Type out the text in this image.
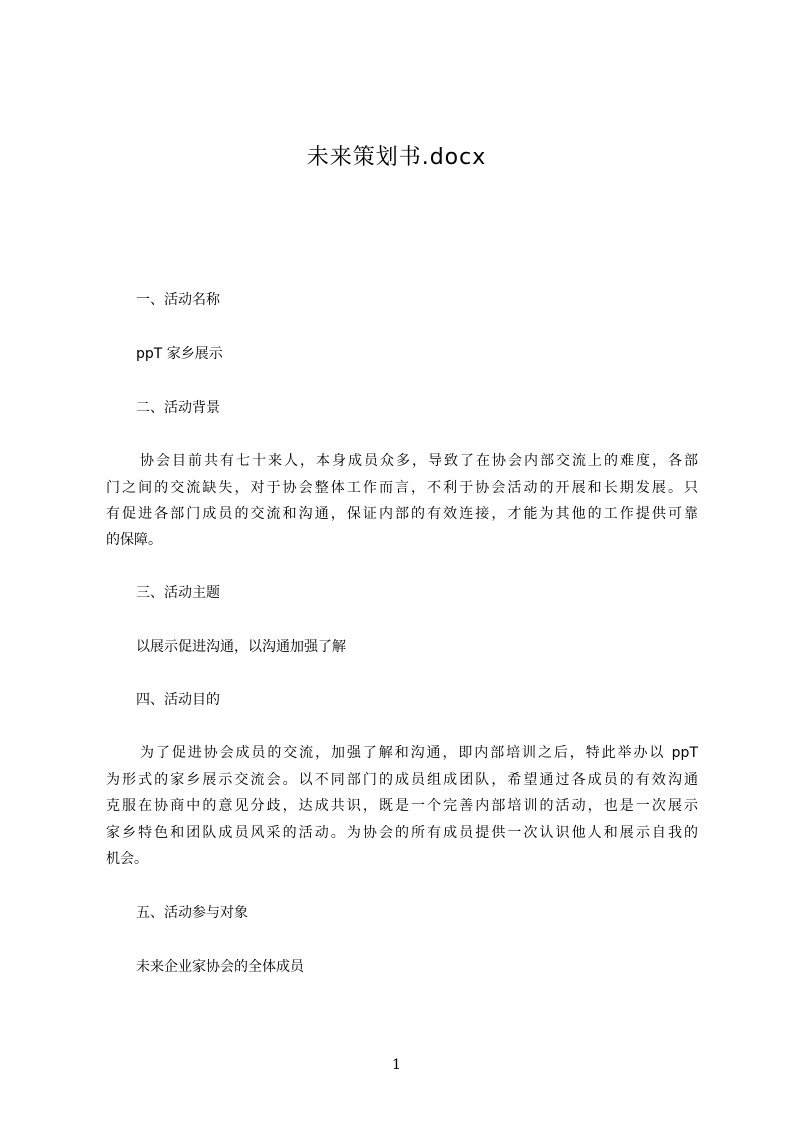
未来策划书.docx
一、活动名称
ppT 家乡展示
二、活动背景
协会目前共有七十来人，本身成员众多，导致了在协会内部交流上的难度，各部
门之间的交流缺失，对于协会整体工作而言，不利于协会活动的开展和长期发展。只
有促进各部门成员的交流和沟通，保证内部的有效连接，才能为其他的工作提供可靠
的保障。
三、活动主题
以展示促进沟通，以沟通加强了解
四、活动目的
为了促进协会成员的交流，加强了解和沟通，即内部培训之后，特此举办以 ppT
为形式的家乡展示交流会。以不同部门的成员组成团队，希望通过各成员的有效沟通
克服在协商中的意见分歧，达成共识，既是一个完善内部培训的活动，也是一次展示
家乡特色和团队成员风采的活动。为协会的所有成员提供一次认识他人和展示自我的
机会。
五、活动参与对象
未来企业家协会的全体成员
1
